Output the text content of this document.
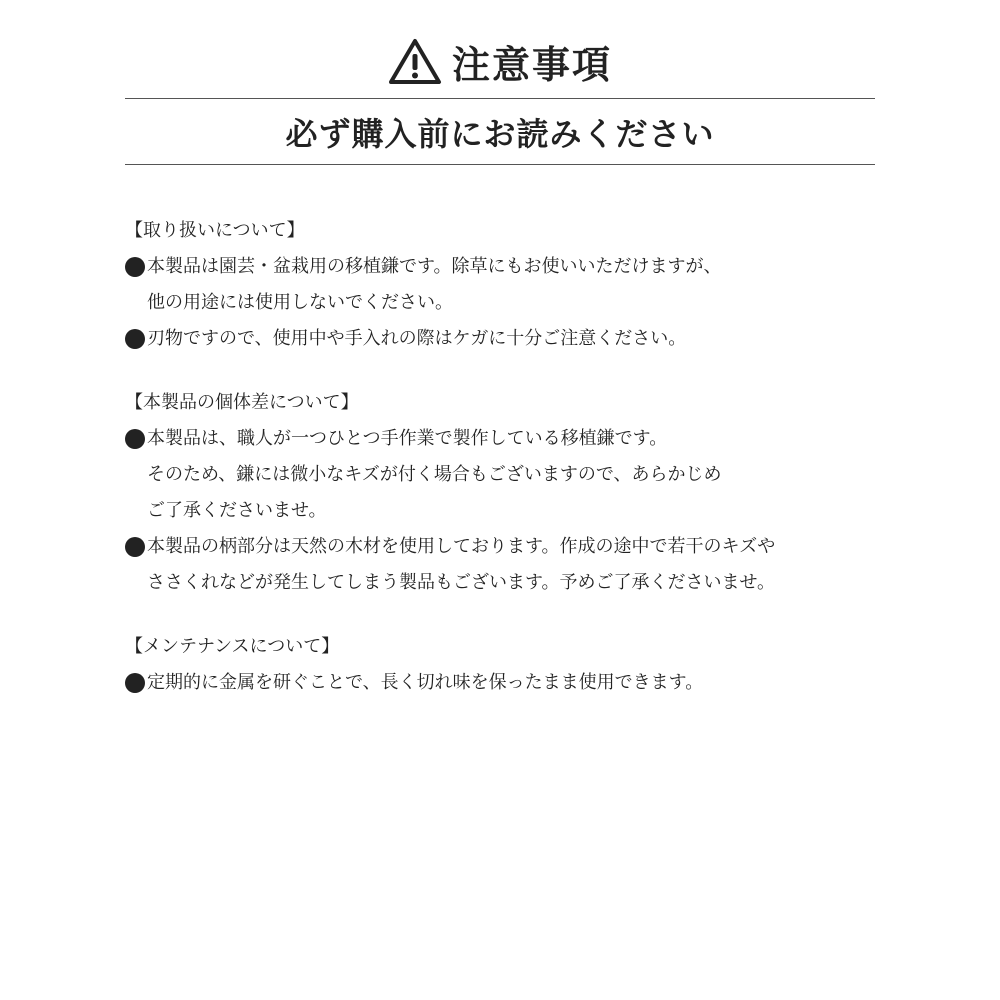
注意事項
必ず購入前にお読みください
【取り扱いについて】
本製品は園芸・盆栽用の移植鎌です。除草にもお使いいただけますが、
他の用途には使用しないでください。
刃物ですので、使用中や手入れの際はケガに十分ご注意ください。
【本製品の個体差について】
本製品は、職人が一つひとつ手作業で製作している移植鎌です。
そのため、鎌には微小なキズが付く場合もございますので、あらかじめ
ご了承くださいませ。
本製品の柄部分は天然の木材を使用しております。作成の途中で若干のキズや
ささくれなどが発生してしまう製品もございます。予めご了承くださいませ。
【メンテナンスについて】
定期的に金属を研ぐことで、長く切れ味を保ったまま使用できます。
